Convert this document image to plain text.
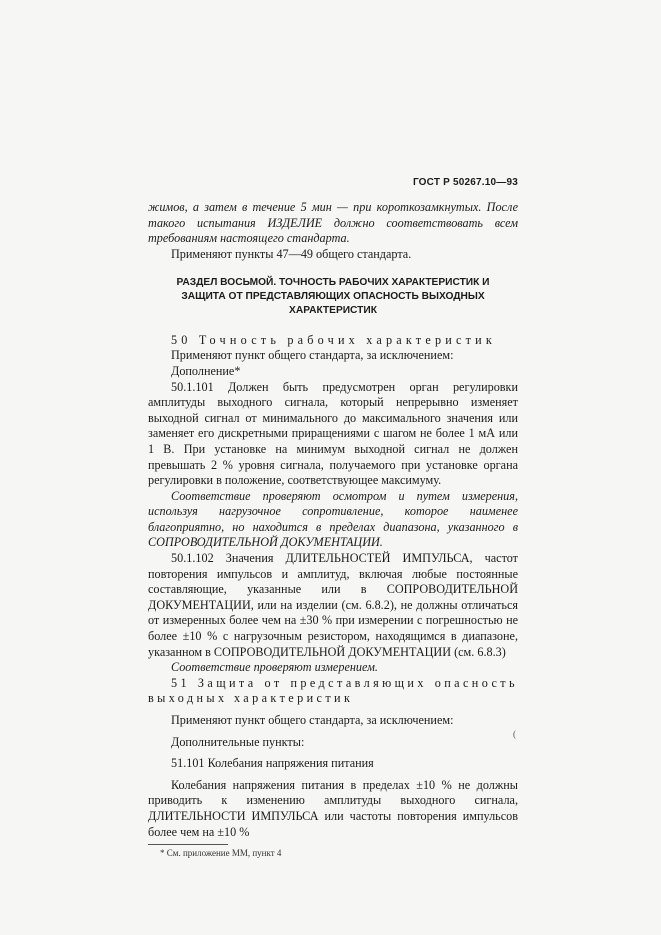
ГОСТ Р 50267.10—93

жимов, а затем в течение 5 мин — при короткозамкнутых. После такого испытания ИЗДЕЛИЕ должно соответствовать всем требованиям настоящего стандарта.

Применяют пункты 47—49 общего стандарта.

РАЗДЕЛ ВОСЬМОЙ. ТОЧНОСТЬ РАБОЧИХ ХАРАКТЕРИСТИК И ЗАЩИТА ОТ ПРЕДСТАВЛЯЮЩИХ ОПАСНОСТЬ ВЫХОДНЫХ ХАРАКТЕРИСТИК

50 Точность рабочих характеристик

Применяют пункт общего стандарта, за исключением:

Дополнение*

50.1.101 Должен быть предусмотрен орган регулировки амплитуды выходного сигнала, который непрерывно изменяет выходной сигнал от минимального до максимального значения или заменяет его дискретными приращениями с шагом не более 1 мА или 1 В. При установке на минимум выходной сигнал не должен превышать 2 % уровня сигнала, получаемого при установке органа регулировки в положение, соответствующее максимуму.

Соответствие проверяют осмотром и путем измерения, используя нагрузочное сопротивление, которое наименее благоприятно, но находится в пределах диапазона, указанного в СОПРОВОДИТЕЛЬНОЙ ДОКУМЕНТАЦИИ.

50.1.102 Значения ДЛИТЕЛЬНОСТЕЙ ИМПУЛЬСА, частот повторения импульсов и амплитуд, включая любые постоянные составляющие, указанные или в СОПРОВОДИТЕЛЬНОЙ ДОКУМЕНТАЦИИ, или на изделии (см. 6.8.2), не должны отличаться от измеренных более чем на ±30 % при измерении с погрешностью не более ±10 % с нагрузочным резистором, находящимся в диапазоне, указанном в СОПРОВОДИТЕЛЬНОЙ ДОКУМЕНТАЦИИ (см. 6.8.3)

Соответствие проверяют измерением.

51 Защита от представляющих опасность выходных характеристик

Применяют пункт общего стандарта, за исключением:

Дополнительные пункты:

51.101 Колебания напряжения питания

Колебания напряжения питания в пределах ±10 % не должны приводить к изменению амплитуды выходного сигнала, ДЛИТЕЛЬНОСТИ ИМПУЛЬСА или частоты повторения импульсов более чем на ±10 %

* См. приложение ММ, пункт 4

(
